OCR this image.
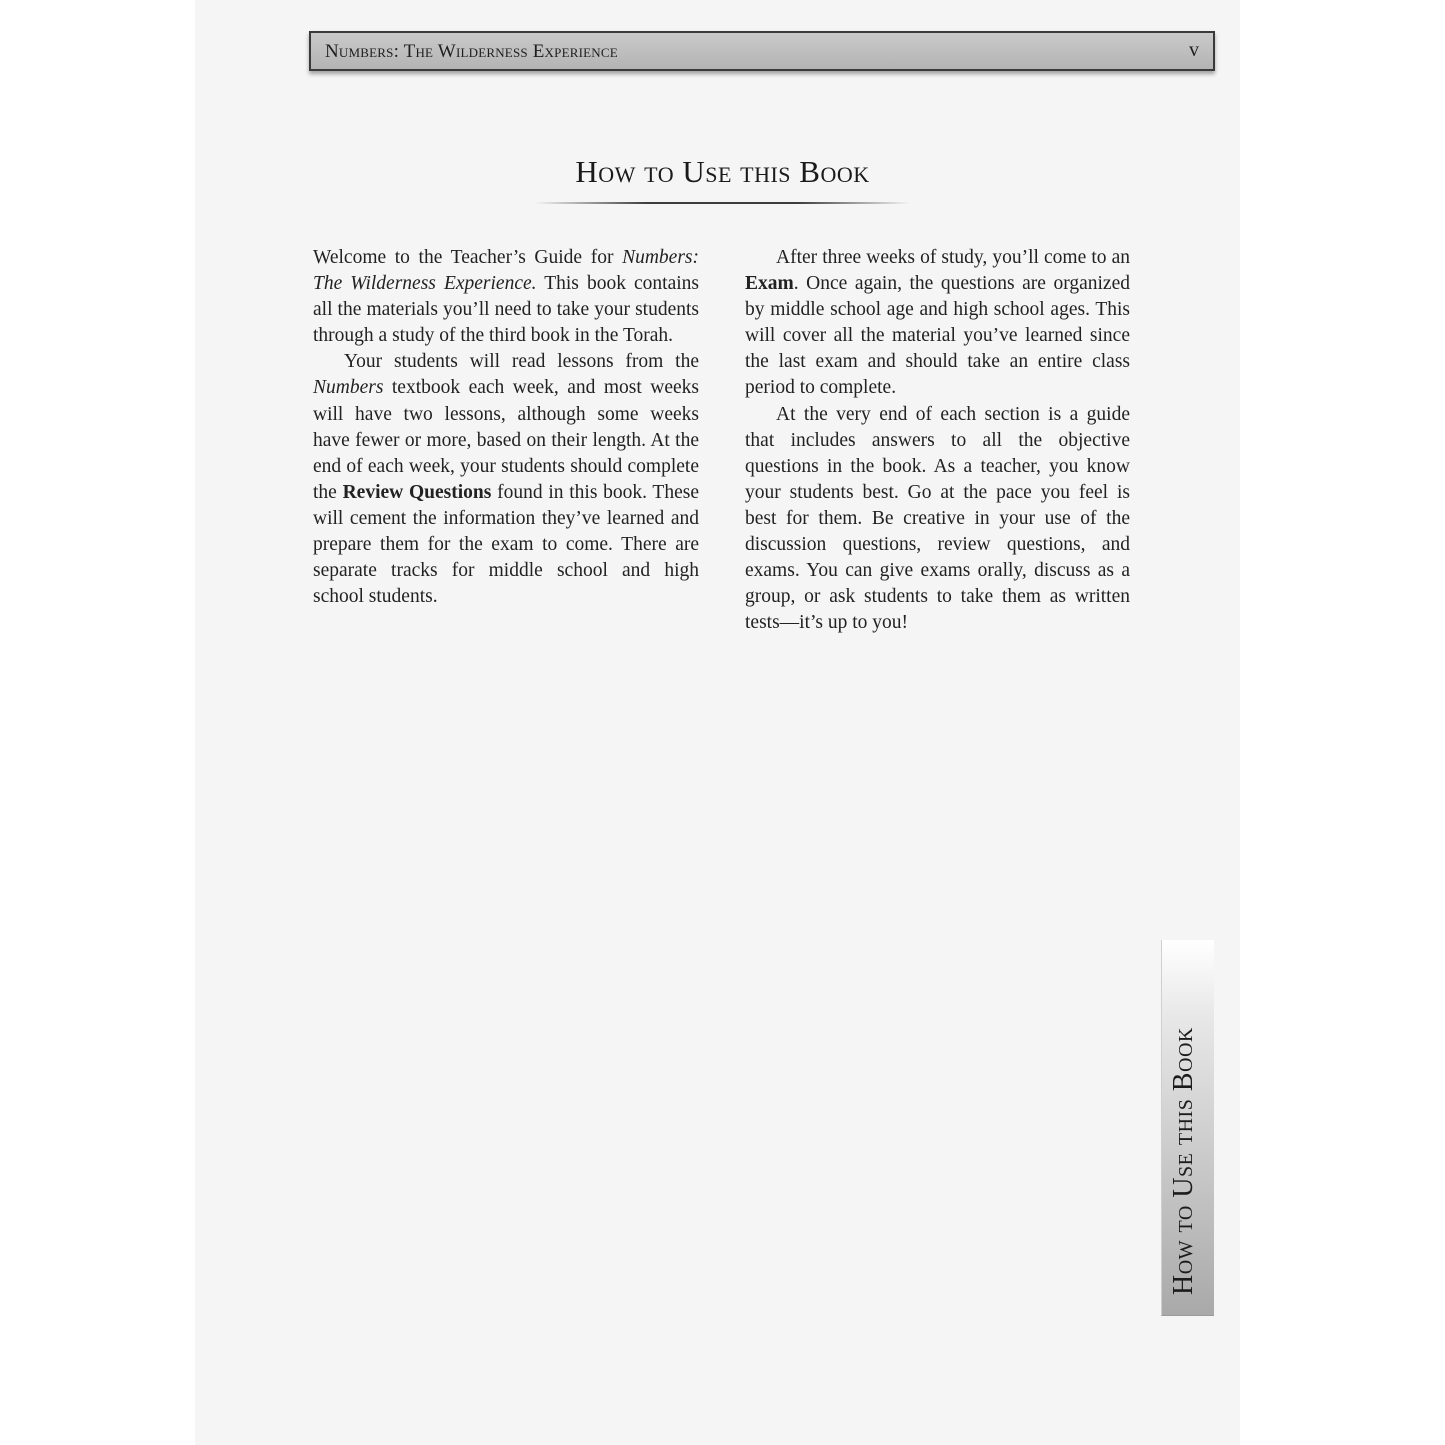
Numbers: The Wilderness Experience	v
How to Use this Book

Welcome to the Teacher’s Guide for Numbers: The Wilderness Experience. This book contains all the materials you’ll need to take your students through a study of the third book in the Torah.

Your students will read lessons from the Numbers textbook each week, and most weeks will have two lessons, although some weeks have fewer or more, based on their length. At the end of each week, your students should complete the Review Questions found in this book. These will cement the information they’ve learned and prepare them for the exam to come. There are separate tracks for middle school and high school students.

After three weeks of study, you’ll come to an Exam. Once again, the questions are organized by middle school age and high school ages. This will cover all the material you’ve learned since the last exam and should take an entire class period to complete.

At the very end of each section is a guide that includes answers to all the objective questions in the book. As a teacher, you know your students best. Go at the pace you feel is best for them. Be creative in your use of the discussion questions, review questions, and exams. You can give exams orally, discuss as a group, or ask students to take them as written tests—it’s up to you!

How to Use this Book
